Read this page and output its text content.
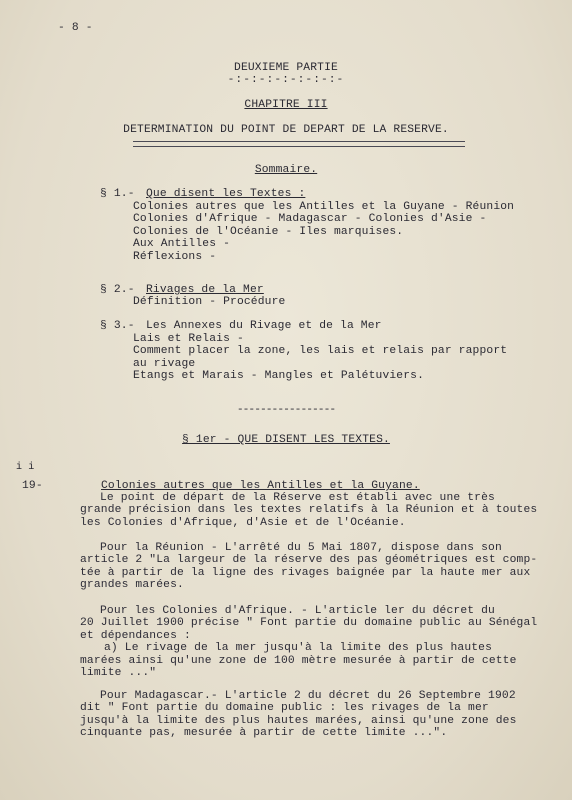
- 8 -
DEUXIEME PARTIE
-:-:-:-:-:-:-:-
CHAPITRE III
DETERMINATION DU POINT DE DEPART DE LA RESERVE.
Sommaire.
§ 1.- Que disent les Textes :
Colonies autres que les Antilles et la Guyane - Réunion
Colonies d'Afrique - Madagascar - Colonies d'Asie -
Colonies de l'Océanie - Iles marquises.
Aux Antilles -
Réflexions -
§ 2.- Rivages de la Mer
Définition - Procédure
§ 3.- Les Annexes du Rivage et de la Mer
Lais et Relais -
Comment placer la zone, les lais et relais par rapport
au rivage
Etangs et Marais - Mangles et Palétuviers.
-----------------
§ 1er - QUE DISENT LES TEXTES.
i i
19-	Colonies autres que les Antilles et la Guyane.
Le point de départ de la Réserve est établi avec une très
grande précision dans les textes relatifs à la Réunion et à toutes
les Colonies d'Afrique, d'Asie et de l'Océanie.
Pour la Réunion - L'arrêté du 5 Mai 1807, dispose dans son
article 2 "La largeur de la réserve des pas géométriques est comp-
tée à partir de la ligne des rivages baignée par la haute mer aux
grandes marées.
Pour les Colonies d'Afrique. - L'article ler du décret du
20 Juillet 1900 précise " Font partie du domaine public au Sénégal
et dépendances :
a) Le rivage de la mer jusqu'à la limite des plus hautes
marées ainsi qu'une zone de 100 mètre mesurée à partir de cette
limite ..."
Pour Madagascar.- L'article 2 du décret du 26 Septembre 1902
dit " Font partie du domaine public : les rivages de la mer
jusqu'à la limite des plus hautes marées, ainsi qu'une zone des
cinquante pas, mesurée à partir de cette limite ...".
